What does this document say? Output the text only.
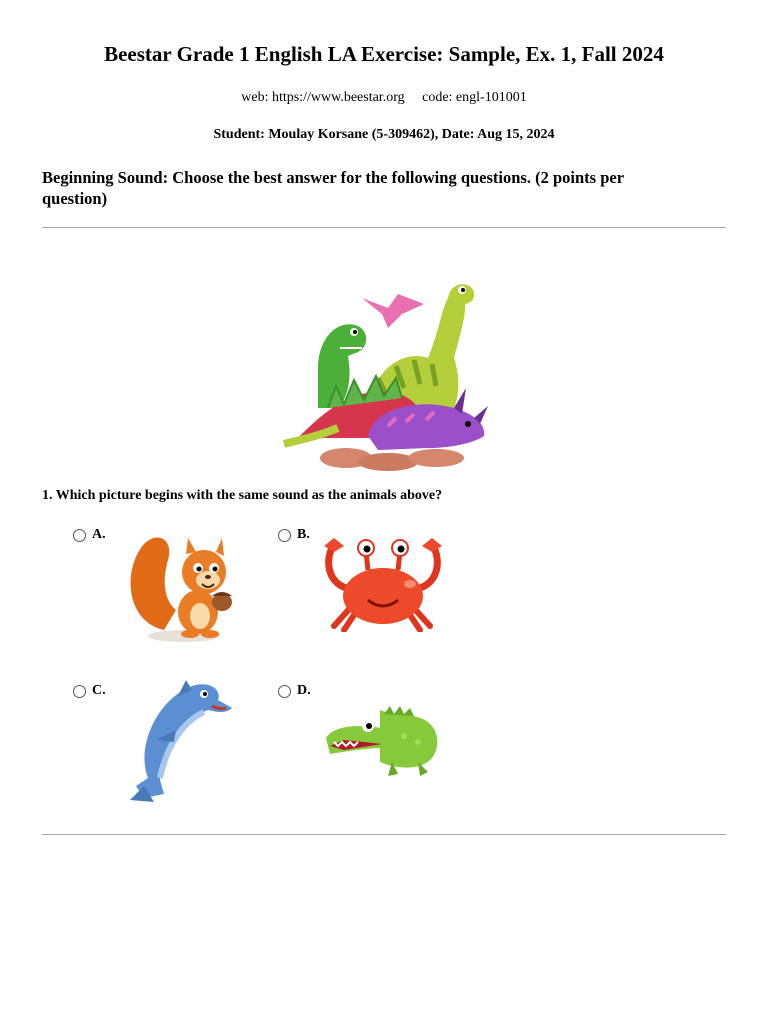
Beestar Grade 1 English LA Exercise: Sample, Ex. 1, Fall 2024
web: https://www.beestar.org code: engl-101001
Student: Moulay Korsane (5-309462), Date: Aug 15, 2024
Beginning Sound: Choose the best answer for the following questions. (2 points per question)
1. Which picture begins with the same sound as the animals above?
A.	B.
C.	D.
